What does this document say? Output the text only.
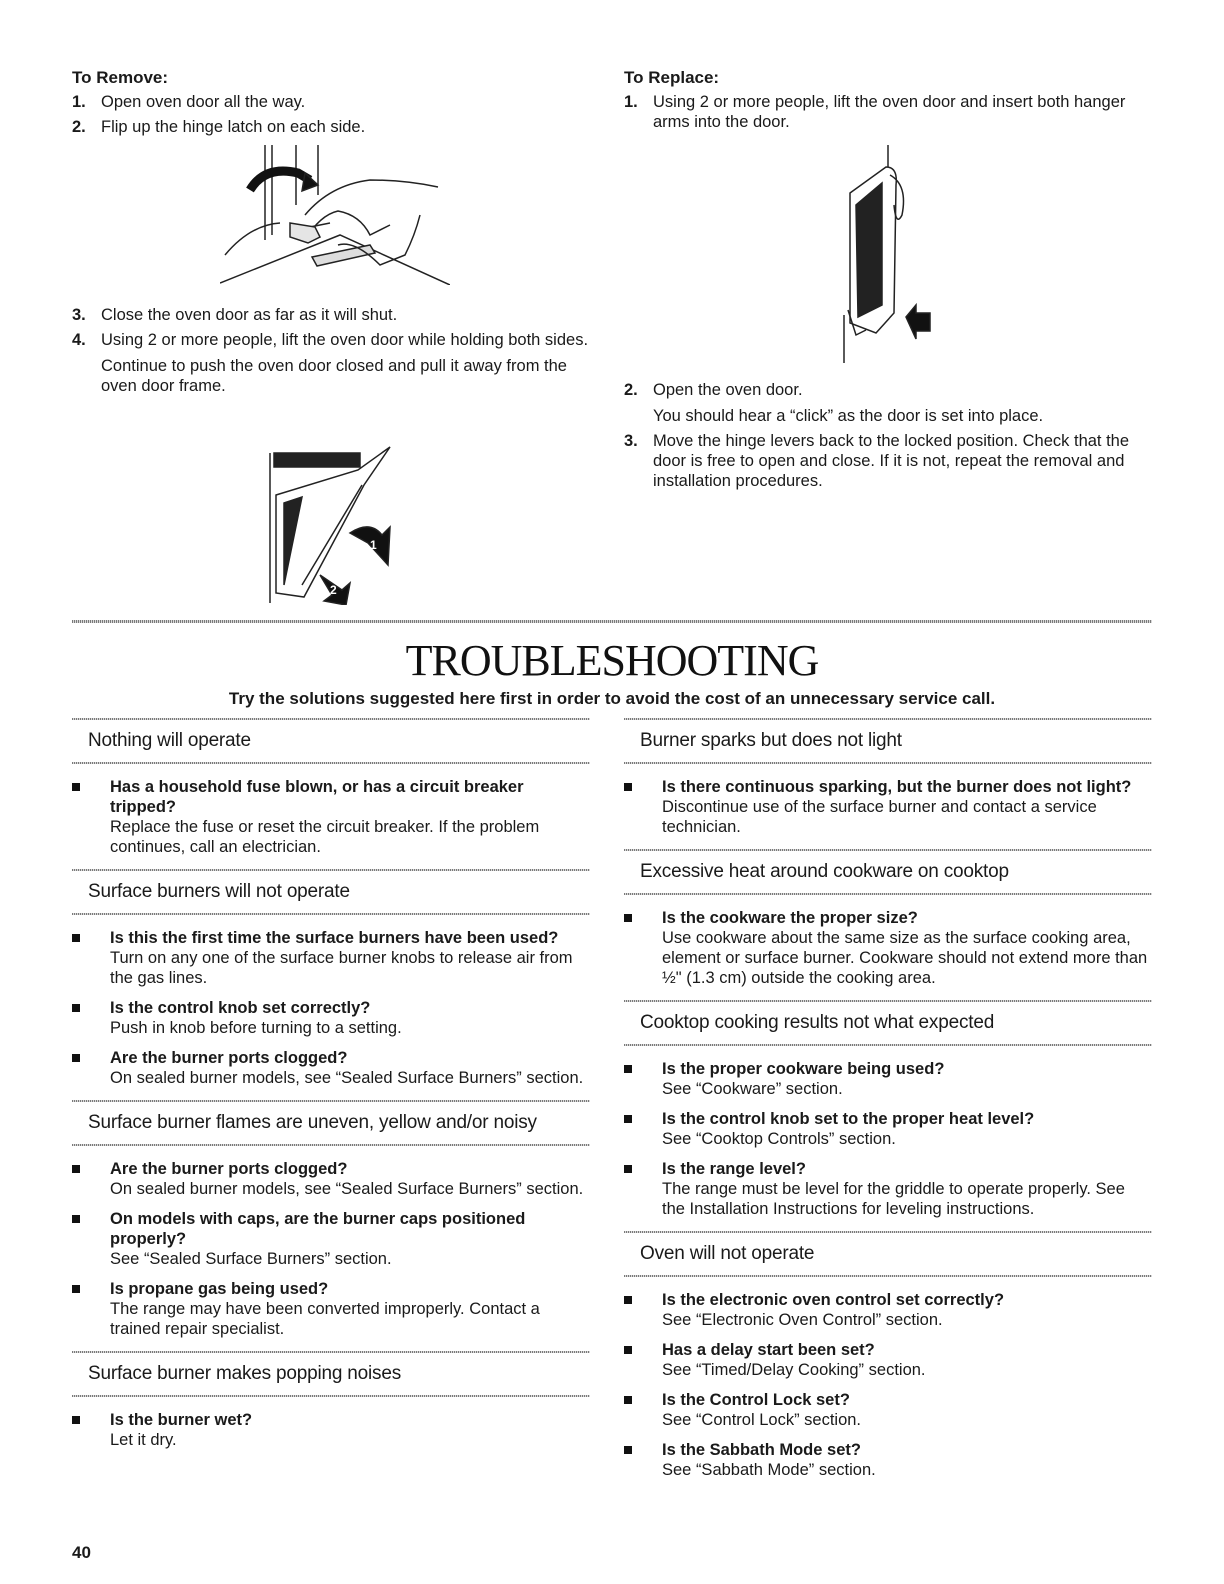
To Remove:
1. Open oven door all the way.
2. Flip up the hinge latch on each side.
3. Close the oven door as far as it will shut.
4. Using 2 or more people, lift the oven door while holding both sides.
Continue to push the oven door closed and pull it away from the oven door frame.
1
2
To Replace:
1. Using 2 or more people, lift the oven door and insert both hanger arms into the door.
2. Open the oven door.
You should hear a “click” as the door is set into place.
3. Move the hinge levers back to the locked position. Check that the door is free to open and close. If it is not, repeat the removal and installation procedures.
TROUBLESHOOTING
Try the solutions suggested here first in order to avoid the cost of an unnecessary service call.
Nothing will operate
Has a household fuse blown, or has a circuit breaker tripped?
Replace the fuse or reset the circuit breaker. If the problem continues, call an electrician.
Surface burners will not operate
Is this the first time the surface burners have been used?
Turn on any one of the surface burner knobs to release air from the gas lines.
Is the control knob set correctly?
Push in knob before turning to a setting.
Are the burner ports clogged?
On sealed burner models, see “Sealed Surface Burners” section.
Surface burner flames are uneven, yellow and/or noisy
Are the burner ports clogged?
On sealed burner models, see “Sealed Surface Burners” section.
On models with caps, are the burner caps positioned properly?
See “Sealed Surface Burners” section.
Is propane gas being used?
The range may have been converted improperly. Contact a trained repair specialist.
Surface burner makes popping noises
Is the burner wet?
Let it dry.
Burner sparks but does not light
Is there continuous sparking, but the burner does not light?
Discontinue use of the surface burner and contact a service technician.
Excessive heat around cookware on cooktop
Is the cookware the proper size?
Use cookware about the same size as the surface cooking area, element or surface burner. Cookware should not extend more than ½" (1.3 cm) outside the cooking area.
Cooktop cooking results not what expected
Is the proper cookware being used?
See “Cookware” section.
Is the control knob set to the proper heat level?
See “Cooktop Controls” section.
Is the range level?
The range must be level for the griddle to operate properly. See the Installation Instructions for leveling instructions.
Oven will not operate
Is the electronic oven control set correctly?
See “Electronic Oven Control” section.
Has a delay start been set?
See “Timed/Delay Cooking” section.
Is the Control Lock set?
See “Control Lock” section.
Is the Sabbath Mode set?
See “Sabbath Mode” section.
40
